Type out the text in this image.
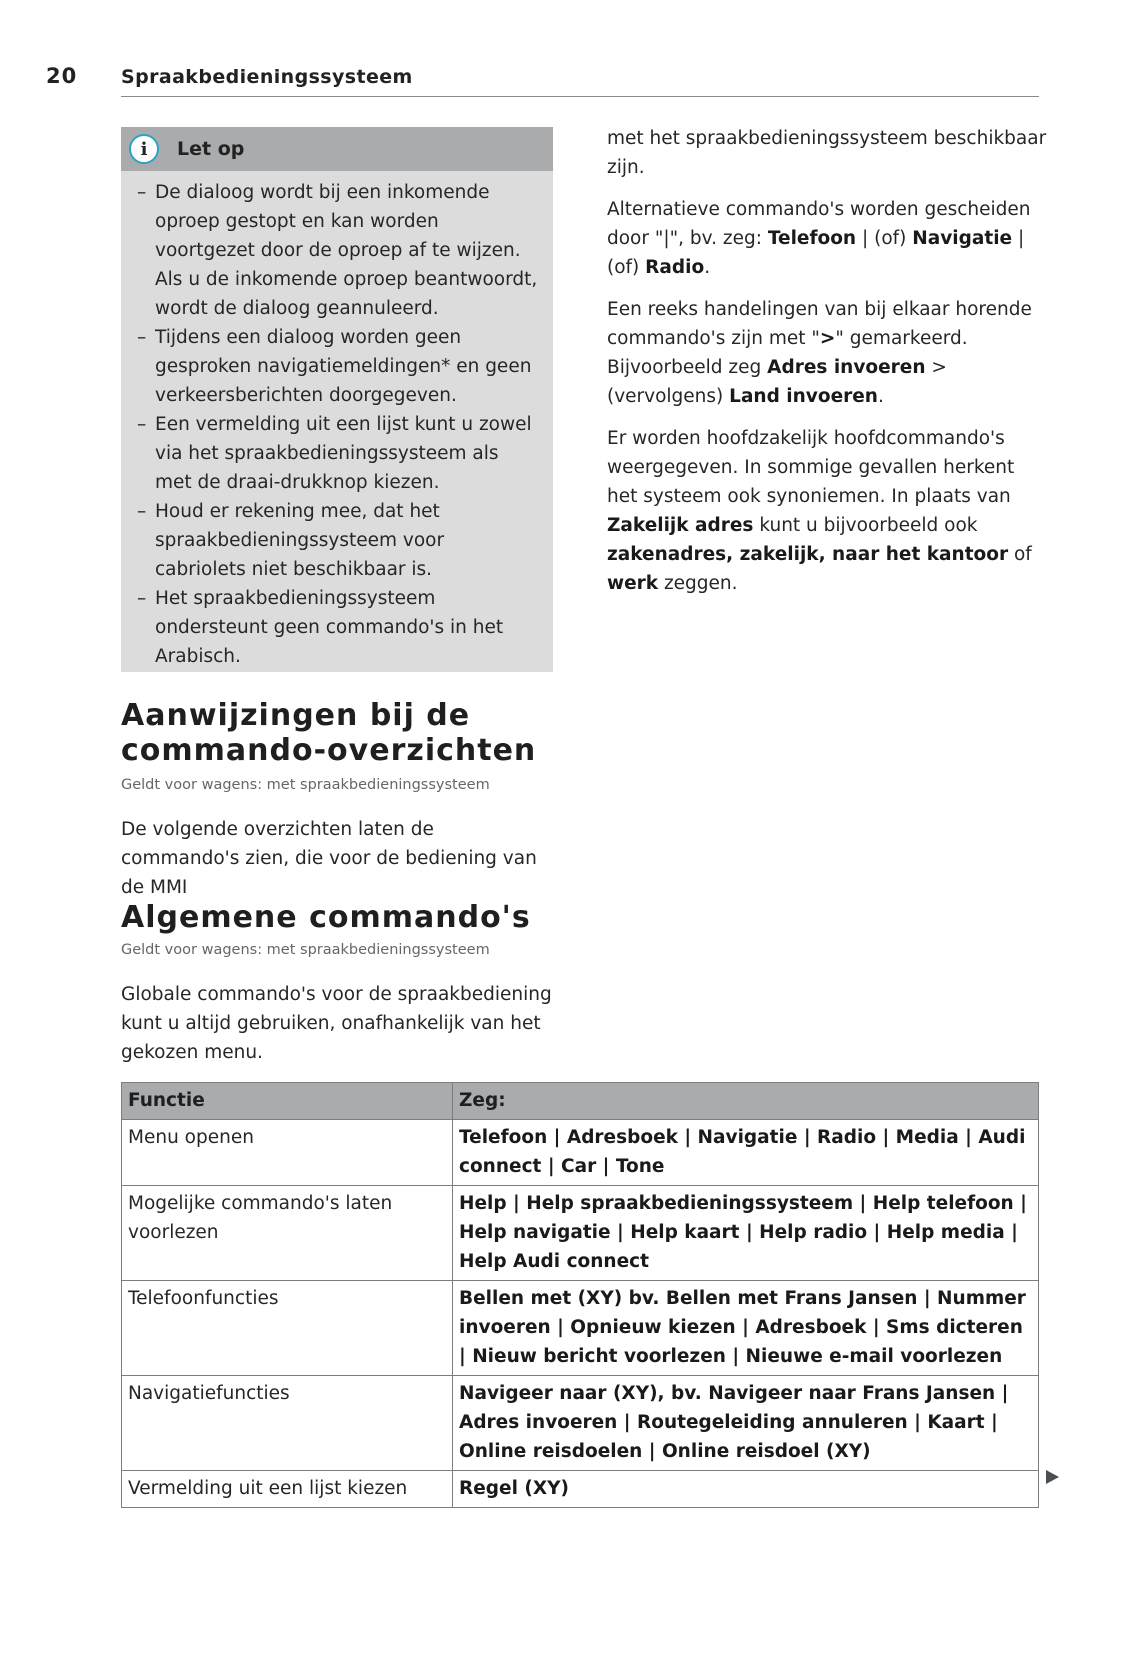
20 Spraakbedieningssysteem
i	Let op
– De dialoog wordt bij een inkomende oproep gestopt en kan worden voortgezet door de oproep af te wijzen. Als u de inkomende oproep beantwoordt, wordt de dialoog geannuleerd.
– Tijdens een dialoog worden geen gesproken navigatiemeldingen* en geen verkeersberichten doorgegeven.
– Een vermelding uit een lijst kunt u zowel via het spraakbedieningssysteem als met de draai-drukknop kiezen.
– Houd er rekening mee, dat het spraakbedieningssysteem voor cabriolets niet beschikbaar is.
– Het spraakbedieningssysteem ondersteunt geen commando's in het Arabisch.

met het spraakbedieningssysteem beschikbaar zijn.

Alternatieve commando's worden gescheiden door "|", bv. zeg: Telefoon | (of) Navigatie | (of) Radio.

Een reeks handelingen van bij elkaar horende commando's zijn met ">" gemarkeerd. Bijvoorbeeld zeg Adres invoeren > (vervolgens) Land invoeren.

Er worden hoofdzakelijk hoofdcommando's weergegeven. In sommige gevallen herkent het systeem ook synoniemen. In plaats van Zakelijk adres kunt u bijvoorbeeld ook zakenadres, zakelijk, naar het kantoor of werk zeggen.

Aanwijzingen bij de
commando-overzichten
Geldt voor wagens: met spraakbedieningssysteem

De volgende overzichten laten de commando's zien, die voor de bediening van de MMI

Algemene commando's
Geldt voor wagens: met spraakbedieningssysteem

Globale commando's voor de spraakbediening kunt u altijd gebruiken, onafhankelijk van het gekozen menu.

Functie	Zeg:
Menu openen	Telefoon | Adresboek | Navigatie | Radio | Media | Audi connect | Car | Tone
Mogelijke commando's laten voorlezen	Help | Help spraakbedieningssysteem | Help telefoon | Help navigatie | Help kaart | Help radio | Help media | Help Audi connect
Telefoonfuncties	Bellen met (XY) bv. Bellen met Frans Jansen | Nummer invoeren | Opnieuw kiezen | Adresboek | Sms dicteren | Nieuw bericht voorlezen | Nieuwe e-mail voorlezen
Navigatiefuncties	Navigeer naar (XY), bv. Navigeer naar Frans Jansen | Adres invoeren | Routegeleiding annuleren | Kaart | Online reisdoelen | Online reisdoel (XY)
Vermelding uit een lijst kiezen	Regel (XY)
